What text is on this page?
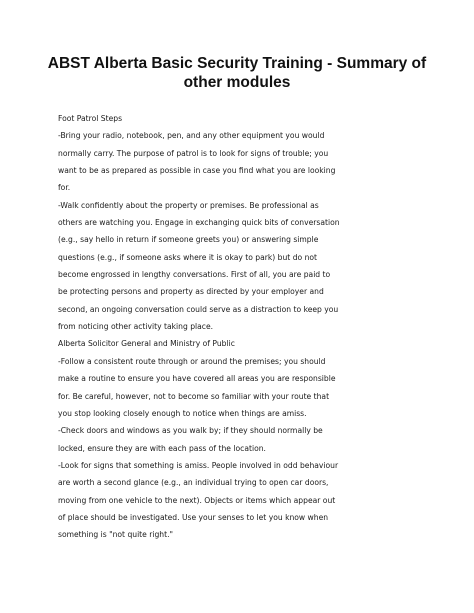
ABST Alberta Basic Security Training - Summary of
other modules
Foot Patrol Steps
-Bring your radio, notebook, pen, and any other equipment you would
normally carry. The purpose of patrol is to look for signs of trouble; you
want to be as prepared as possible in case you find what you are looking
for.
-Walk confidently about the property or premises. Be professional as
others are watching you. Engage in exchanging quick bits of conversation
(e.g., say hello in return if someone greets you) or answering simple
questions (e.g., if someone asks where it is okay to park) but do not
become engrossed in lengthy conversations. First of all, you are paid to
be protecting persons and property as directed by your employer and
second, an ongoing conversation could serve as a distraction to keep you
from noticing other activity taking place.
Alberta Solicitor General and Ministry of Public
-Follow a consistent route through or around the premises; you should
make a routine to ensure you have covered all areas you are responsible
for. Be careful, however, not to become so familiar with your route that
you stop looking closely enough to notice when things are amiss.
-Check doors and windows as you walk by; if they should normally be
locked, ensure they are with each pass of the location.
-Look for signs that something is amiss. People involved in odd behaviour
are worth a second glance (e.g., an individual trying to open car doors,
moving from one vehicle to the next). Objects or items which appear out
of place should be investigated. Use your senses to let you know when
something is "not quite right."
